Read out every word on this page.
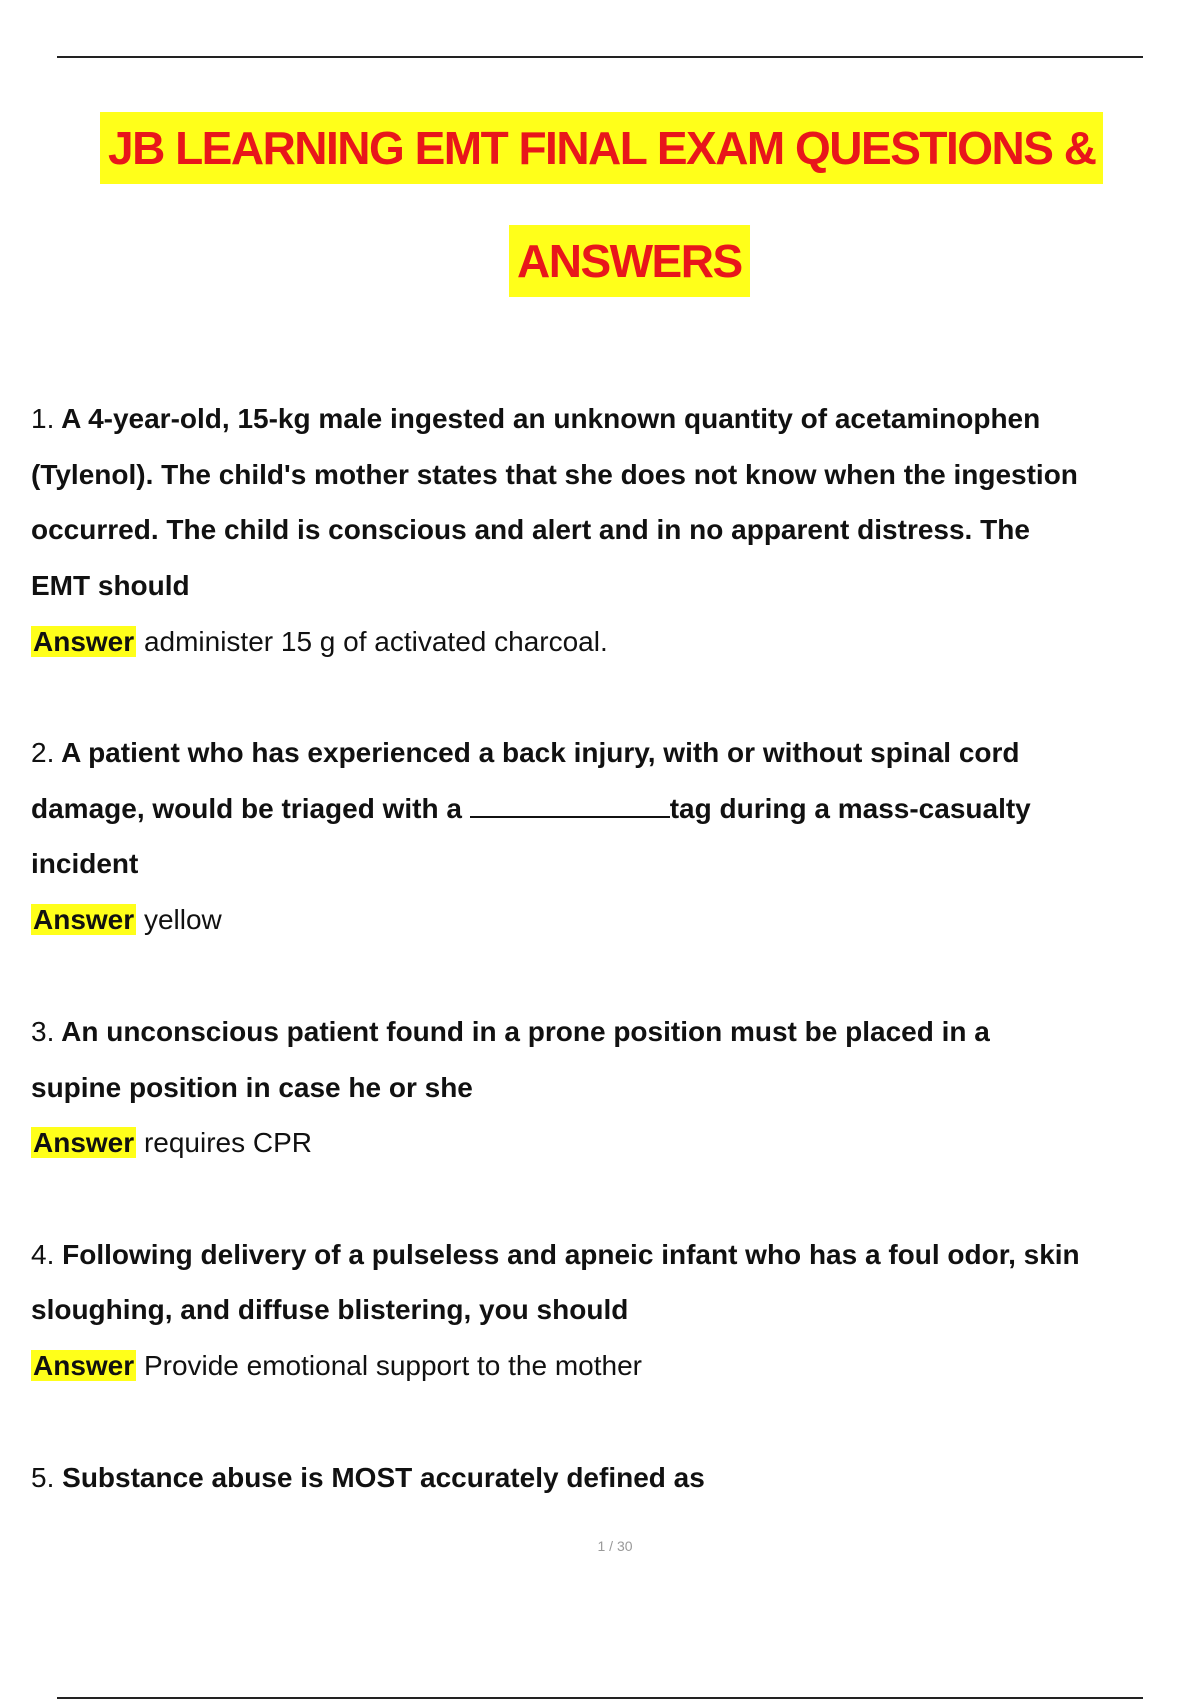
JB LEARNING EMT FINAL EXAM QUESTIONS &
ANSWERS
1. A 4-year-old, 15-kg male ingested an unknown quantity of acetaminophen
(Tylenol). The child's mother states that she does not know when the ingestion
occurred. The child is conscious and alert and in no apparent distress. The
EMT should
Answer administer 15 g of activated charcoal.
2. A patient who has experienced a back injury, with or without spinal cord
damage, would be triaged with a	tag during a mass-casualty
incident
Answer yellow
3. An unconscious patient found in a prone position must be placed in a
supine position in case he or she
Answer requires CPR
4. Following delivery of a pulseless and apneic infant who has a foul odor, skin
sloughing, and diffuse blistering, you should
Answer Provide emotional support to the mother
5. Substance abuse is MOST accurately defined as
1 / 30
